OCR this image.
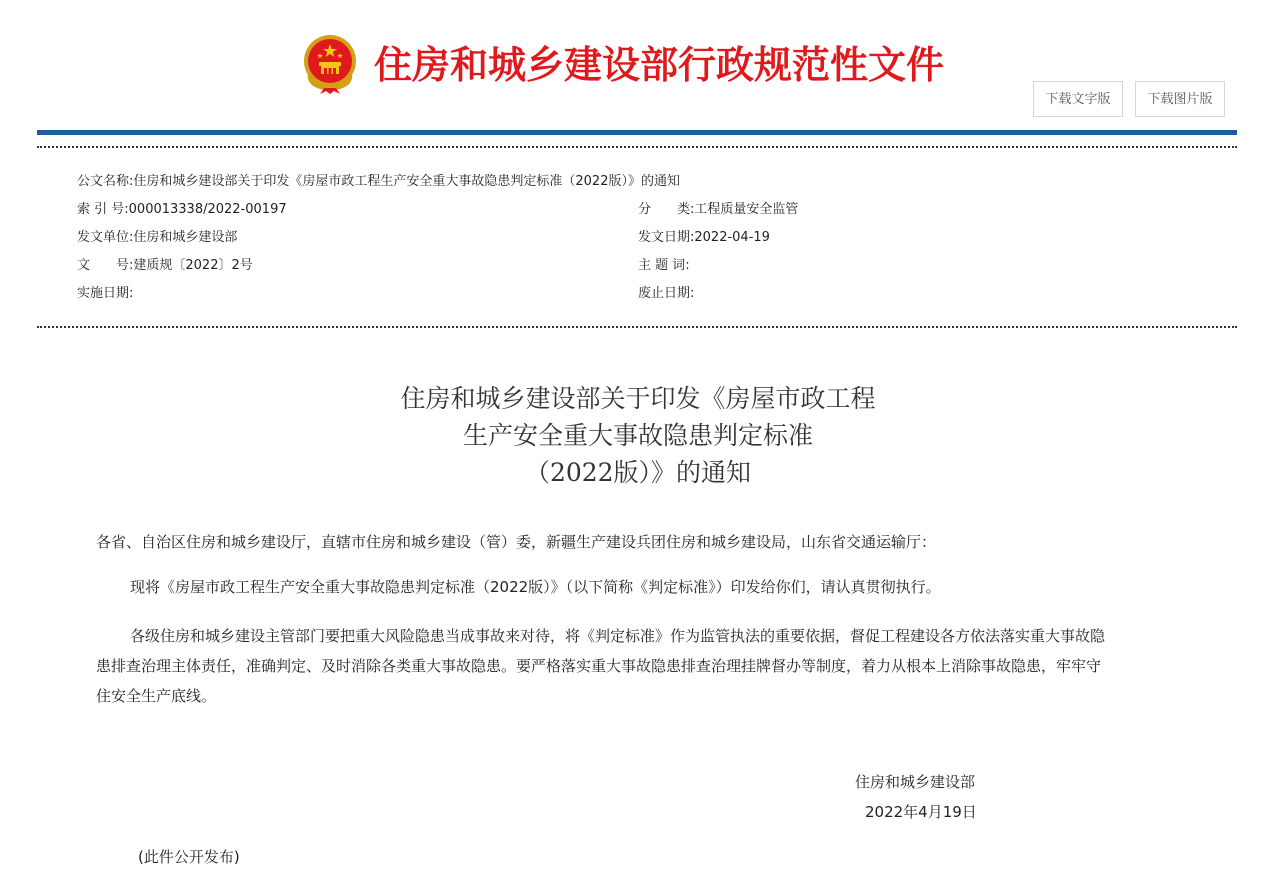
住房和城乡建设部行政规范性文件
下载文字版	下载图片版
公文名称:住房和城乡建设部关于印发《房屋市政工程生产安全重大事故隐患判定标准（2022版）》的通知
索 引 号:000013338/2022-00197	分　　类:工程质量安全监管
发文单位:住房和城乡建设部	发文日期:2022-04-19
文　　号:建质规〔2022〕2号	主 题 词:
实施日期:	废止日期:
住房和城乡建设部关于印发《房屋市政工程
生产安全重大事故隐患判定标准
（2022版）》的通知
各省、自治区住房和城乡建设厅，直辖市住房和城乡建设（管）委，新疆生产建设兵团住房和城乡建设局，山东省交通运输厅：
现将《房屋市政工程生产安全重大事故隐患判定标准（2022版）》（以下简称《判定标准》）印发给你们，请认真贯彻执行。
各级住房和城乡建设主管部门要把重大风险隐患当成事故来对待，将《判定标准》作为监管执法的重要依据，督促工程建设各方依法落实重大事故隐
患排查治理主体责任，准确判定、及时消除各类重大事故隐患。要严格落实重大事故隐患排查治理挂牌督办等制度，着力从根本上消除事故隐患，牢牢守
住安全生产底线。
住房和城乡建设部
2022年4月19日
(此件公开发布)
